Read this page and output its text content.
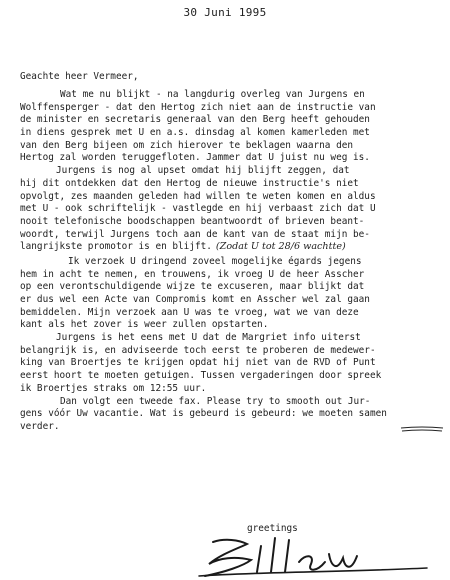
30 Juni 1995
Geachte heer Vermeer,
Wat me nu blijkt - na langdurig overleg van Jurgens en
Wolffensperger - dat den Hertog zich niet aan de instructie van
de minister en secretaris generaal van den Berg heeft gehouden
in diens gesprek met U en a.s. dinsdag al komen kamerleden met
van den Berg bijeen om zich hierover te beklagen waarna den
Hertog zal worden teruggefloten. Jammer dat U juist nu weg is.
Jurgens is nog al upset omdat hij blijft zeggen, dat
hij dit ontdekken dat den Hertog de nieuwe instructie's niet
opvolgt, zes maanden geleden had willen te weten komen en aldus
met U - ook schriftelijk - vastlegde en hij verbaast zich dat U
nooit telefonische boodschappen beantwoordt of brieven beant-
woordt, terwijl Jurgens toch aan de kant van de staat mijn be-
langrijkste promotor is en blijft. (Zodat U tot 28/6 wachtte)
Ik verzoek U dringend zoveel mogelijke égards jegens
hem in acht te nemen, en trouwens, ik vroeg U de heer Asscher
op een verontschuldigende wijze te excuseren, maar blijkt dat
er dus wel een Acte van Compromis komt en Asscher wel zal gaan
bemiddelen. Mijn verzoek aan U was te vroeg, wat we van deze
kant als het zover is weer zullen opstarten.
Jurgens is het eens met U dat de Margriet info uiterst
belangrijk is, en adviseerde toch eerst te proberen de medewer-
king van Broertjes te krijgen opdat hij niet van de RVD of Punt
eerst hoort te moeten getuigen. Tussen vergaderingen door spreek
ik Broertjes straks om 12:55 uur.
Dan volgt een tweede fax. Please try to smooth out Jur-
gens vóór Uw vacantie. Wat is gebeurd is gebeurd: we moeten samen
verder.
greetings
